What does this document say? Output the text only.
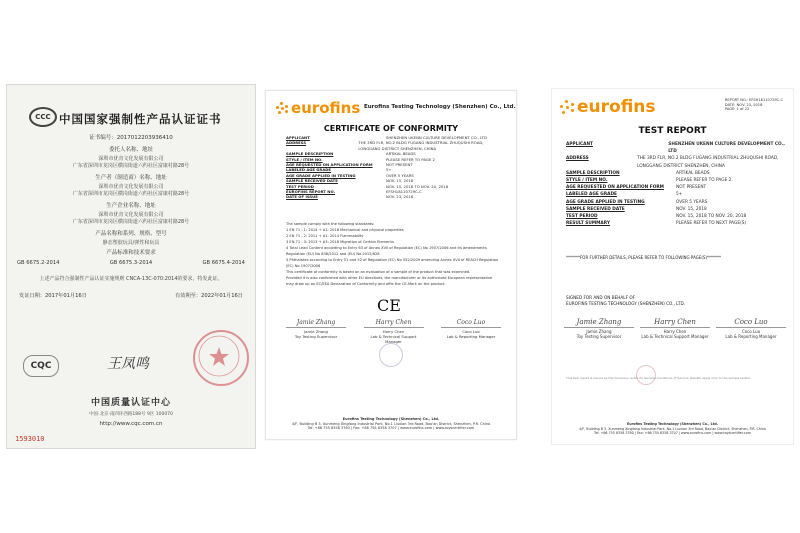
CCC 中国国家强制性产品认证证书
证书编号：2017012203936410
委托人名称、地址
深圳市优肯文化发展有限公司
广东省深圳市龙岗区横岗街道六约社区富康村路28号
生产者（制造商）名称、地址
深圳市优肯文化发展有限公司
广东省深圳市龙岗区横岗街道六约社区富康村路28号
生产企业名称、地址
深圳市优肯文化发展有限公司
广东省深圳市龙岗区横岗街道六约社区富康村路28号
产品名称和系列、规格、型号
静态塑胶玩具/弹性和玩具
产品标准和技术要求
GB 6675.2-2014	GB 6675.3-2014	GB 6675.4-2014
上述产品符合强制性产品认证实施规则 CNCA-13C-070:2014的要求，特发此证。
发证日期：2017年01月16日	有效期至：2022年01月16日
CQC	王凤鸣
中国质量认证中心
中国·北京·南四环西路188号 9区 100070
http://www.cqc.com.cn
1593010
eurofins Eurofins Testing Technology (Shenzhen) Co., Ltd.
CERTIFICATE OF CONFORMITY
APPLICANT	SHENZHEN UKENN CULTURE DEVELOPMENT CO., LTD
ADDRESS	THE 3RD FLR, NO.2 BLDG FUGANG INDUSTRIAL ZHUQUSHI ROAD, LONGGANG DISTRICT SHENZHEN, CHINA
SAMPLE DESCRIPTION	ARTIKAL BEADS
STYLE / ITEM NO.	PLEASE REFER TO PAGE 2
AGE REQUESTED ON APPLICATION FORM	NOT PRESENT
LABELED AGE GRADE	5+
AGE GRADE APPLIED IN TESTING	OVER 5 YEARS
SAMPLE RECEIVED DATE	NOV. 15, 2018
TEST PERIOD	NOV. 15, 2018 TO NOV. 20, 2018
EUROFINS REPORT NO.	EFSH18110729C-C
DATE OF ISSUE	NOV. 23, 2018
The sample comply with the following standards:
1 EN 71 - 1: 2014 + A1: 2018 Mechanical and physical properties
2 EN 71 - 2: 2011 + A1: 2014 Flammability
3 EN 71 - 3: 2013 + A3: 2018 Migration of Certain Elements
4 Total Lead Content according to Entry 63 of Annex XVII of Regulation (EC) No 1907/2006 and its amendments Regulation (EU) No 836/2012 and (EU) No 2015/628
5 Phthalates according to Entry 51 and 52 of Regulation (EC) No 552/2009 amending Annex XVII of REACH Regulation (EC) No 1907/2006
This certificate of conformity is based on an evaluation of a sample of the product that was examined.
Provided it is also conformed with other EU directives, the manufacturer or its authorised European representative may draw up an EC/EEA Declaration of Conformity and affix the CE-Mark on the product.
CE
Jamie Zhang
Jamie Zhang
Toy Testing Supervisor
Harry Chen
Harry Chen
Lab & Technical Support Manager
Coco Luo
Coco Luo
Lab & Reporting Manager
Eurofins Testing Technology (Shenzhen) Co., Ltd.
4/F, Building B 3, Xunmeng Xingfang Industrial Park, No.1 Liuxian 3rd Road, Bao'an District, Shenzhen, P.R. China
Tel: +86 755 8358 3780 | Fax: +86 755 8358 3707 | www.eurofins.com | www.toyscertifier.com
eurofins	REPORT NO.: EFSH18110729C-C
DATE: NOV. 23, 2018
PAGE: 1 of 22
TEST REPORT
APPLICANT	SHENZHEN UKENN CULTURE DEVELOPMENT CO., LTD
ADDRESS	THE 3RD FLR, NO.2 BLDG FUGANG INDUSTRIAL ZHUQUSHI ROAD, LONGGANG DISTRICT SHENZHEN, CHINA
SAMPLE DESCRIPTION	ARTIKAL BEADS
STYLE / ITEM NO.	PLEASE REFER TO PAGE 2.
AGE REQUESTED ON APPLICATION FORM	NOT PRESENT
LABELED AGE GRADE	5+
AGE GRADE APPLIED IN TESTING	OVER 5 YEARS
SAMPLE RECEIVED DATE	NOV. 15, 2018
TEST PERIOD	NOV. 15, 2018 TO NOV. 20, 2018
RESULT SUMMARY	PLEASE REFER TO NEXT PAGE(S)
*******FOR FURTHER DETAILS, PLEASE REFER TO FOLLOWING PAGE(S)*******
SIGNED FOR AND ON BEHALF OF
EUROFINS TESTING TECHNOLOGY (SHENZHEN) CO., LTD.
Jamie Zhang
Jamie Zhang
Toy Testing Supervisor
Harry Chen
Harry Chen
Lab & Technical Support Manager
Coco Luo
Coco Luo
Lab & Reporting Manager
This test report is issued by the Company under its General Conditions of Service. Results apply only to the sample tested.
Eurofins Testing Technology (Shenzhen) Co., Ltd.
4/F, Building B 3, Xunmeng Xingfang Industrial Park, No.1 Liuxian 3rd Road, Bao'an District, Shenzhen, P.R. China
Tel: +86 755 8358 3780 | Fax: +86 755 8358 3707 | www.eurofins.com | www.toyscertifier.com
